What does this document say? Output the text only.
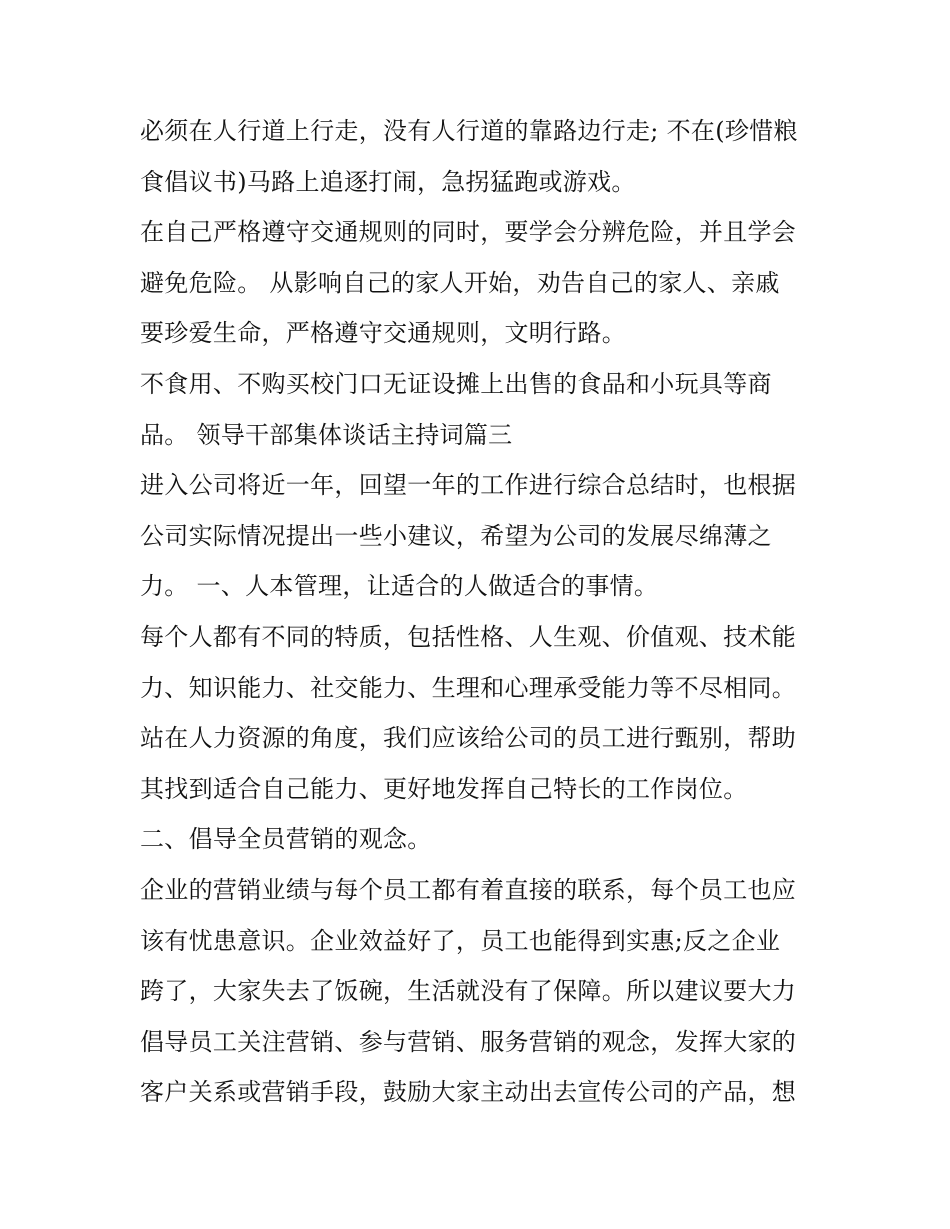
必须在人行道上行走，没有人行道的靠路边行走; 不在(珍惜粮
食倡议书)马路上追逐打闹，急拐猛跑或游戏。
在自己严格遵守交通规则的同时，要学会分辨危险，并且学会
避免危险。 从影响自己的家人开始，劝告自己的家人、亲戚
要珍爱生命，严格遵守交通规则，文明行路。
不食用、不购买校门口无证设摊上出售的食品和小玩具等商
品。 领导干部集体谈话主持词篇三
进入公司将近一年，回望一年的工作进行综合总结时，也根据
公司实际情况提出一些小建议，希望为公司的发展尽绵薄之
力。 一、人本管理，让适合的人做适合的事情。
每个人都有不同的特质，包括性格、人生观、价值观、技术能
力、知识能力、社交能力、生理和心理承受能力等不尽相同。
站在人力资源的角度，我们应该给公司的员工进行甄别，帮助
其找到适合自己能力、更好地发挥自己特长的工作岗位。
二、倡导全员营销的观念。
企业的营销业绩与每个员工都有着直接的联系，每个员工也应
该有忧患意识。企业效益好了，员工也能得到实惠;反之企业
跨了，大家失去了饭碗，生活就没有了保障。所以建议要大力
倡导员工关注营销、参与营销、服务营销的观念，发挥大家的
客户关系或营销手段，鼓励大家主动出去宣传公司的产品，想
